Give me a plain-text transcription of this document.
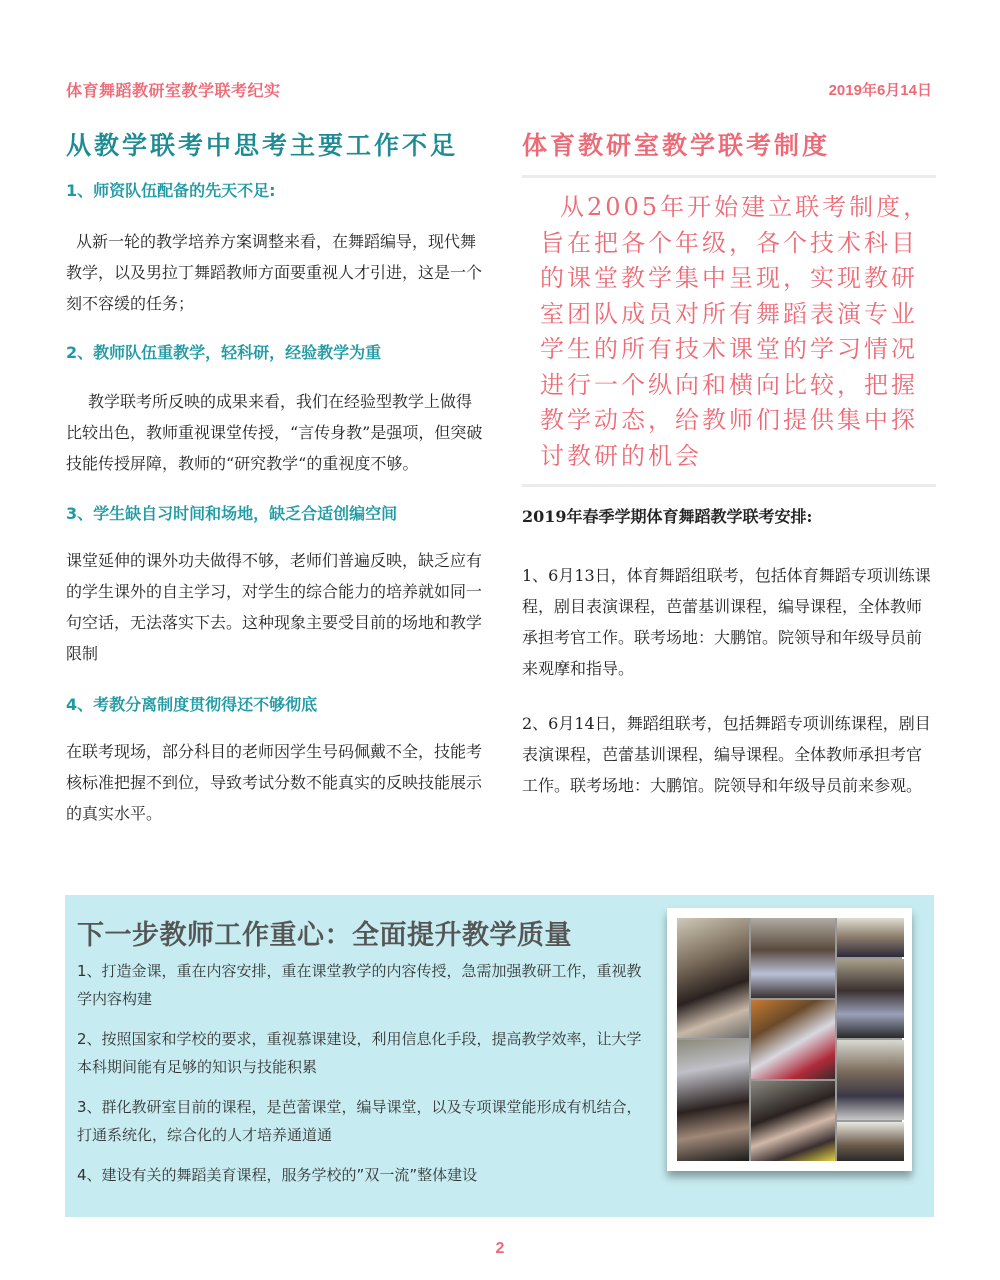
体育舞蹈教研室教学联考纪实	2019年6月14日
从教学联考中思考主要工作不足
1、师资队伍配备的先天不足:

从新一轮的教学培养方案调整来看，在舞蹈编导，现代舞教学，以及男拉丁舞蹈教师方面要重视人才引进，这是一个刻不容缓的任务；

2、教师队伍重教学，轻科研，经验教学为重

教学联考所反映的成果来看，我们在经验型教学上做得比较出色，教师重视课堂传授，“言传身教”是强项，但突破技能传授屏障，教师的“研究教学“的重视度不够。

3、学生缺自习时间和场地，缺乏合适创编空间

课堂延伸的课外功夫做得不够，老师们普遍反映，缺乏应有的学生课外的自主学习，对学生的综合能力的培养就如同一句空话，无法落实下去。这种现象主要受目前的场地和教学限制

4、考教分离制度贯彻得还不够彻底

在联考现场，部分科目的老师因学生号码佩戴不全，技能考核标准把握不到位，导致考试分数不能真实的反映技能展示的真实水平。

体育教研室教学联考制度

从2005年开始建立联考制度，旨在把各个年级，各个技术科目的课堂教学集中呈现，实现教研室团队成员对所有舞蹈表演专业学生的所有技术课堂的学习情况进行一个纵向和横向比较，把握教学动态，给教师们提供集中探讨教研的机会

2019年春季学期体育舞蹈教学联考安排:

1、6月13日，体育舞蹈组联考，包括体育舞蹈专项训练课程，剧目表演课程，芭蕾基训课程，编导课程，全体教师承担考官工作。联考场地：大鹏馆。院领导和年级导员前来观摩和指导。

2、6月14日，舞蹈组联考，包括舞蹈专项训练课程，剧目表演课程，芭蕾基训课程，编导课程。全体教师承担考官工作。联考场地：大鹏馆。院领导和年级导员前来参观。

下一步教师工作重心：全面提升教学质量

1、打造金课，重在内容安排，重在课堂教学的内容传授，急需加强教研工作，重视教学内容构建

2、按照国家和学校的要求，重视慕课建设，利用信息化手段，提高教学效率，让大学本科期间能有足够的知识与技能积累

3、群化教研室目前的课程，是芭蕾课堂，编导课堂，以及专项课堂能形成有机结合，打通系统化，综合化的人才培养通道通

4、建设有关的舞蹈美育课程，服务学校的”双一流”整体建设

2
